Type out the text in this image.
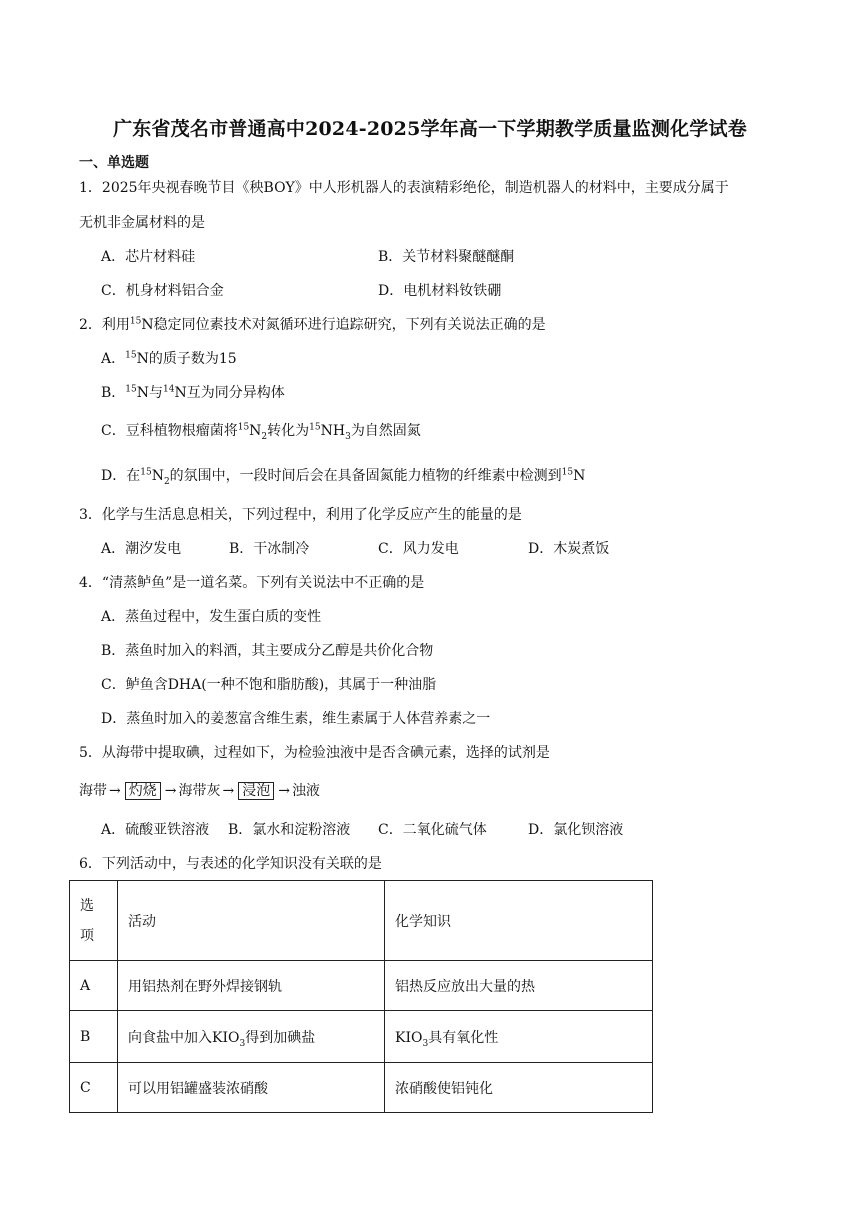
广东省茂名市普通高中2024-2025学年高一下学期教学质量监测化学试卷
一、单选题
1．2025年央视春晚节目《秧BOY》中人形机器人的表演精彩绝伦，制造机器人的材料中，主要成分属于
无机非金属材料的是
A．芯片材料硅	B．关节材料聚醚醚酮
C．机身材料铝合金	D．电机材料钕铁硼
2．利用$^{15}$N稳定同位素技术对氮循环进行追踪研究，下列有关说法正确的是
A．$^{15}$N的质子数为15
B．$^{15}$N与$^{14}$N互为同分异构体
C．豆科植物根瘤菌将$^{15}N_2$转化为$^{15}NH_3$为自然固氮
D．在$^{15}N_2$的氛围中，一段时间后会在具备固氮能力植物的纤维素中检测到$^{15}$N
3．化学与生活息息相关，下列过程中，利用了化学反应产生的能量的是
A．潮汐发电	B．干冰制冷	C．风力发电	D．木炭煮饭
4．“清蒸鲈鱼”是一道名菜。下列有关说法中不正确的是
A．蒸鱼过程中，发生蛋白质的变性
B．蒸鱼时加入的料酒，其主要成分乙醇是共价化合物
C．鲈鱼含DHA(一种不饱和脂肪酸)，其属于一种油脂
D．蒸鱼时加入的姜葱富含维生素，维生素属于人体营养素之一
5．从海带中提取碘，过程如下，为检验浊液中是否含碘元素，选择的试剂是
海带 → 灼烧 → 海带灰 → 浸泡 → 浊液
A．硫酸亚铁溶液 B．氯水和淀粉溶液 C．二氧化硫气体	D．氯化钡溶液
6．下列活动中，与表述的化学知识没有关联的是
选
项	活动	化学知识
A	用铝热剂在野外焊接钢轨	铝热反应放出大量的热
B	向食盐中加入$KIO_3$得到加碘盐	$KIO_3$具有氧化性
C	可以用铝罐盛装浓硝酸	浓硝酸使铝钝化
